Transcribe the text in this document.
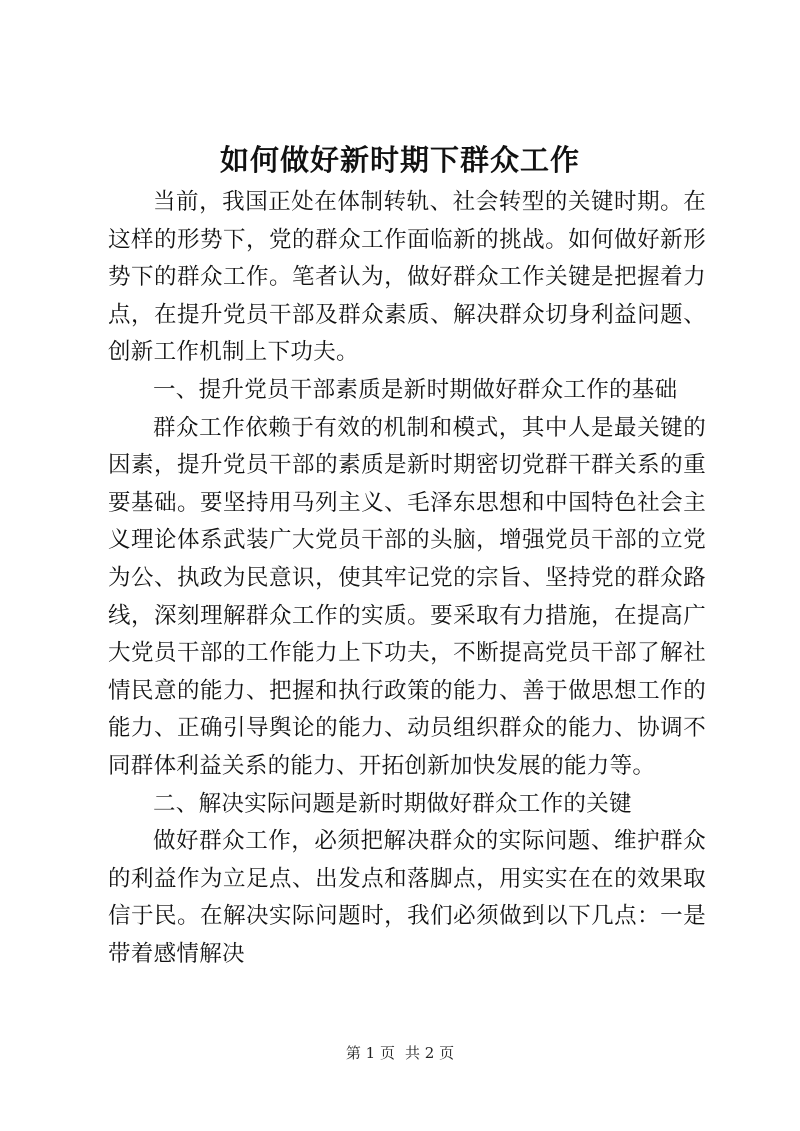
如何做好新时期下群众工作

当前，我国正处在体制转轨、社会转型的关键时期。在这样的形势下，党的群众工作面临新的挑战。如何做好新形势下的群众工作。笔者认为，做好群众工作关键是把握着力点，在提升党员干部及群众素质、解决群众切身利益问题、创新工作机制上下功夫。

一、提升党员干部素质是新时期做好群众工作的基础

群众工作依赖于有效的机制和模式，其中人是最关键的因素，提升党员干部的素质是新时期密切党群干群关系的重要基础。要坚持用马列主义、毛泽东思想和中国特色社会主义理论体系武装广大党员干部的头脑，增强党员干部的立党为公、执政为民意识，使其牢记党的宗旨、坚持党的群众路线，深刻理解群众工作的实质。要采取有力措施，在提高广大党员干部的工作能力上下功夫，不断提高党员干部了解社情民意的能力、把握和执行政策的能力、善于做思想工作的能力、正确引导舆论的能力、动员组织群众的能力、协调不同群体利益关系的能力、开拓创新加快发展的能力等。

二、解决实际问题是新时期做好群众工作的关键

做好群众工作，必须把解决群众的实际问题、维护群众的利益作为立足点、出发点和落脚点，用实实在在的效果取信于民。在解决实际问题时，我们必须做到以下几点：一是带着感情解决

第 1 页 共 2 页
